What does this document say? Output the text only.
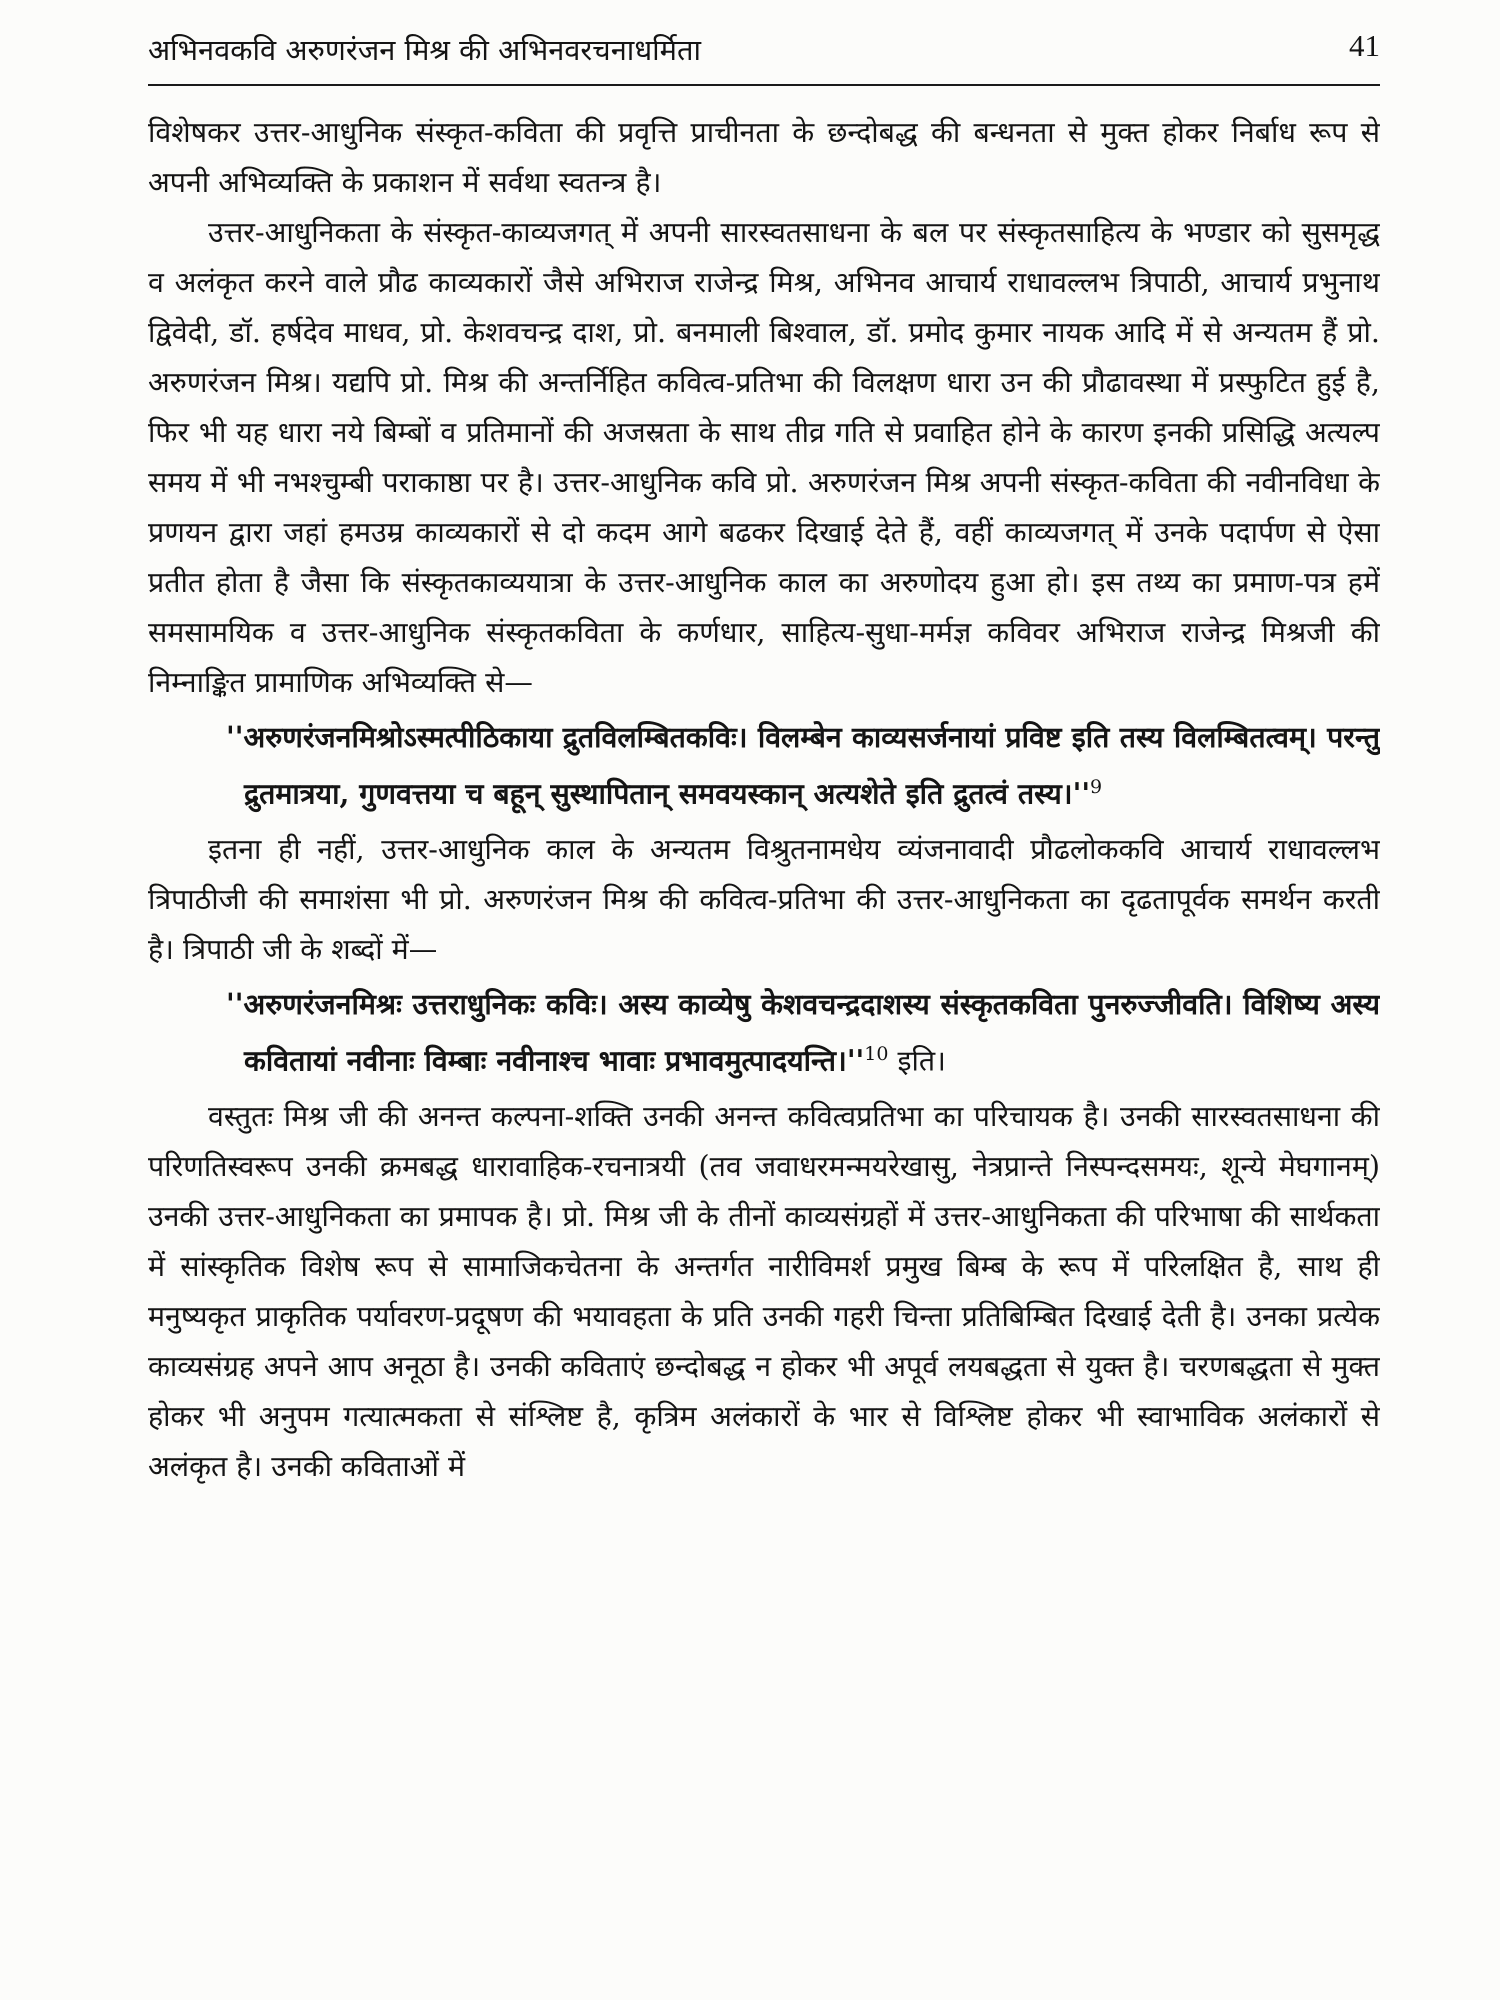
अभिनवकवि अरुणरंजन मिश्र की अभिनवरचनाधर्मिता	41

विशेषकर उत्तर-आधुनिक संस्कृत-कविता की प्रवृत्ति प्राचीनता के छन्दोबद्ध की बन्धनता से मुक्त होकर निर्बाध रूप से अपनी अभिव्यक्ति के प्रकाशन में सर्वथा स्वतन्त्र है।

उत्तर-आधुनिकता के संस्कृत-काव्यजगत् में अपनी सारस्वतसाधना के बल पर संस्कृतसाहित्य के भण्डार को सुसमृद्ध व अलंकृत करने वाले प्रौढ काव्यकारों जैसे अभिराज राजेन्द्र मिश्र, अभिनव आचार्य राधावल्लभ त्रिपाठी, आचार्य प्रभुनाथ द्विवेदी, डॉ. हर्षदेव माधव, प्रो. केशवचन्द्र दाश, प्रो. बनमाली बिश्वाल, डॉ. प्रमोद कुमार नायक आदि में से अन्यतम हैं प्रो. अरुणरंजन मिश्र। यद्यपि प्रो. मिश्र की अन्तर्निहित कवित्व-प्रतिभा की विलक्षण धारा उन की प्रौढावस्था में प्रस्फुटित हुई है, फिर भी यह धारा नये बिम्बों व प्रतिमानों की अजस्रता के साथ तीव्र गति से प्रवाहित होने के कारण इनकी प्रसिद्धि अत्यल्प समय में भी नभश्चुम्बी पराकाष्ठा पर है। उत्तर-आधुनिक कवि प्रो. अरुणरंजन मिश्र अपनी संस्कृत-कविता की नवीनविधा के प्रणयन द्वारा जहां हमउम्र काव्यकारों से दो कदम आगे बढकर दिखाई देते हैं, वहीं काव्यजगत् में उनके पदार्पण से ऐसा प्रतीत होता है जैसा कि संस्कृतकाव्ययात्रा के उत्तर-आधुनिक काल का अरुणोदय हुआ हो। इस तथ्य का प्रमाण-पत्र हमें समसामयिक व उत्तर-आधुनिक संस्कृतकविता के कर्णधार, साहित्य-सुधा-मर्मज्ञ कविवर अभिराज राजेन्द्र मिश्रजी की निम्नाङ्कित प्रामाणिक अभिव्यक्ति से—

''अरुणरंजनमिश्रोऽस्मत्पीठिकाया द्रुतविलम्बितकविः। विलम्बेन काव्यसर्जनायां प्रविष्ट इति तस्य विलम्बितत्वम्। परन्तु द्रुतमात्रया, गुणवत्तया च बहून् सुस्थापितान् समवयस्कान् अत्यशेते इति द्रुतत्वं $तस्य।''^9$

इतना ही नहीं, उत्तर-आधुनिक काल के अन्यतम विश्रुतनामधेय व्यंजनावादी प्रौढलोककवि आचार्य राधावल्लभ त्रिपाठीजी की समाशंसा भी प्रो. अरुणरंजन मिश्र की कवित्व-प्रतिभा की उत्तर-आधुनिकता का दृढतापूर्वक समर्थन करती है। त्रिपाठी जी के शब्दों में—

''अरुणरंजनमिश्रः उत्तराधुनिकः कविः। अस्य काव्येषु केशवचन्द्रदाशस्य संस्कृतकविता पुनरुज्जीवति। विशिष्य अस्य कवितायां नवीनाः विम्बाः नवीनाश्च भावाः $प्रभावमुत्पादयन्ति।''^{10}$ इति।

वस्तुतः मिश्र जी की अनन्त कल्पना-शक्ति उनकी अनन्त कवित्वप्रतिभा का परिचायक है। उनकी सारस्वतसाधना की परिणतिस्वरूप उनकी क्रमबद्ध धारावाहिक-रचनात्रयी (तव जवाधरमन्मयरेखासु, नेत्रप्रान्ते निस्पन्दसमयः, शून्ये मेघगानम्) उनकी उत्तर-आधुनिकता का प्रमापक है। प्रो. मिश्र जी के तीनों काव्यसंग्रहों में उत्तर-आधुनिकता की परिभाषा की सार्थकता में सांस्कृतिक विशेष रूप से सामाजिकचेतना के अन्तर्गत नारीविमर्श प्रमुख बिम्ब के रूप में परिलक्षित है, साथ ही मनुष्यकृत प्राकृतिक पर्यावरण-प्रदूषण की भयावहता के प्रति उनकी गहरी चिन्ता प्रतिबिम्बित दिखाई देती है। उनका प्रत्येक काव्यसंग्रह अपने आप अनूठा है। उनकी कविताएं छन्दोबद्ध न होकर भी अपूर्व लयबद्धता से युक्त है। चरणबद्धता से मुक्त होकर भी अनुपम गत्यात्मकता से संश्लिष्ट है, कृत्रिम अलंकारों के भार से विश्लिष्ट होकर भी स्वाभाविक अलंकारों से अलंकृत है। उनकी कविताओं में
